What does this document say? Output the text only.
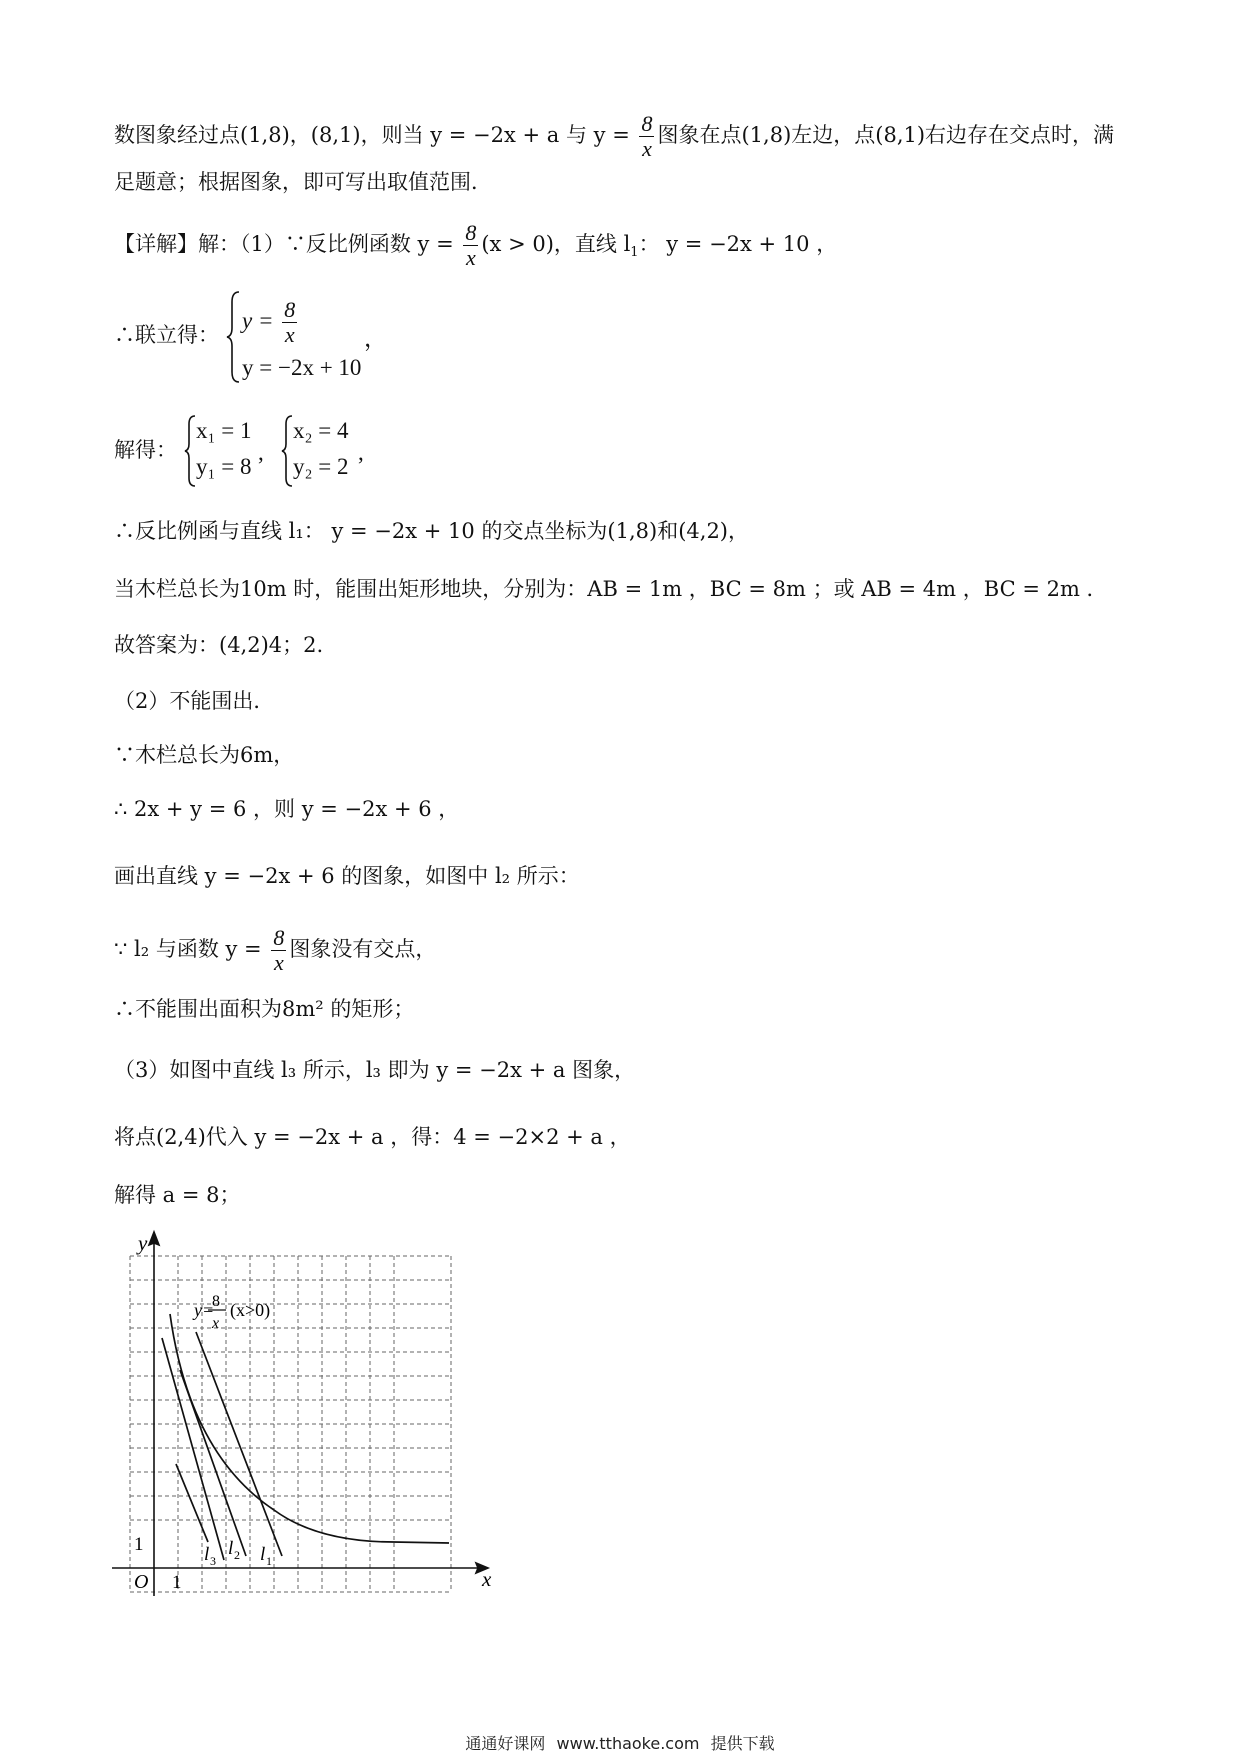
数图象经过点(1,8)，(8,1)，则当 y = −2x + a 与 $y = \frac{8}{x}$ 图象在点(1,8)左边，点(8,1)右边存在交点时，满
足题意；根据图象，即可写出取值范围．
【详解】解：（1）∵反比例函数 $y = \frac{8}{x} (x > 0)$，直线 $l_1$： y = −2x + 10 ，
∴联立得：
$y = \frac{8}{x}$
y = −2x + 10
，
解得：
x₁ = 1
y₁ = 8
,
x₂ = 4
y₂ = 2
,
∴反比例函与直线 l₁： y = −2x + 10 的交点坐标为(1,8)和(4,2)，
当木栏总长为10m 时，能围出矩形地块，分别为：AB = 1m ，BC = 8m ；或 AB = 4m ，BC = 2m ．
故答案为：(4,2)4；2.
（2）不能围出．
∵木栏总长为6m，
∴ 2x + y = 6 ，则 y = −2x + 6 ，
画出直线 y = −2x + 6 的图象，如图中 l₂ 所示：
∵ l₂ 与函数 $y = \frac{8}{x}$ 图象没有交点，
∴不能围出面积为8m² 的矩形；
（3）如图中直线 l₃ 所示，l₃ 即为 y = −2x + a 图象，
将点(2,4)代入 y = −2x + a ，得：4 = −2×2 + a ，
解得 a = 8；
y
x
O 1
1
y=
8
x
(x>0)
l 3
l 2 l 1
通通好课网 www.tthaoke.com 提供下载
